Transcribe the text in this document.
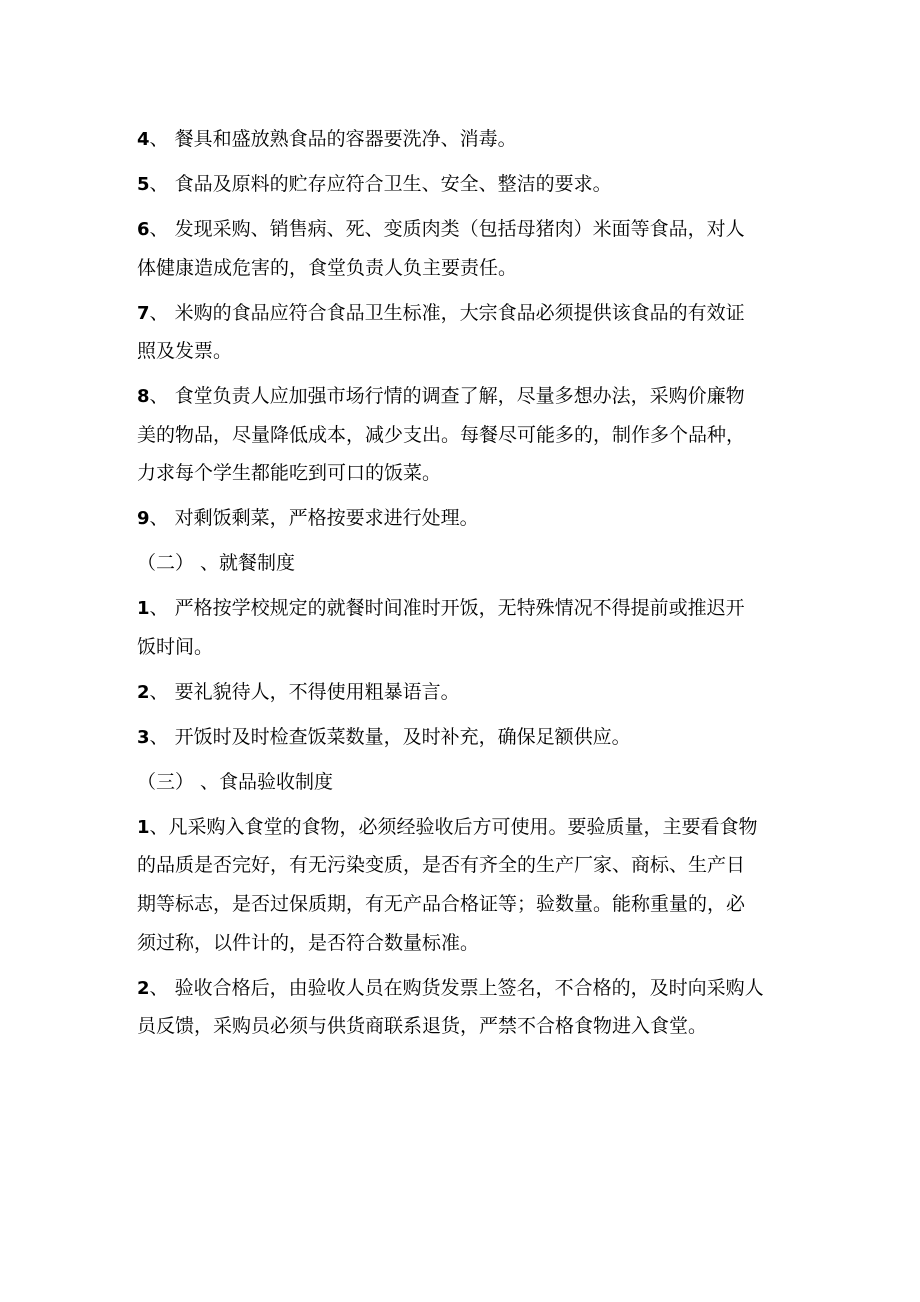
4、 餐具和盛放熟食品的容器要洗净、消毒。
5、 食品及原料的贮存应符合卫生、安全、整洁的要求。
6、 发现采购、销售病、死、变质肉类（包括母猪肉）米面等食品，对人
体健康造成危害的，食堂负责人负主要责任。
7、 米购的食品应符合食品卫生标准，大宗食品必须提供该食品的有效证
照及发票。
8、 食堂负责人应加强市场行情的调查了解，尽量多想办法，采购价廉物
美的物品，尽量降低成本，减少支出。每餐尽可能多的，制作多个品种，
力求每个学生都能吃到可口的饭菜。
9、 对剩饭剩菜，严格按要求进行处理。
（二） 、就餐制度
1、 严格按学校规定的就餐时间准时开饭，无特殊情况不得提前或推迟开
饭时间。
2、 要礼貌待人，不得使用粗暴语言。
3、 开饭时及时检查饭菜数量，及时补充，确保足额供应。
（三） 、食品验收制度
1、凡采购入食堂的食物，必须经验收后方可使用。要验质量，主要看食物
的品质是否完好，有无污染变质，是否有齐全的生产厂家、商标、生产日
期等标志，是否过保质期，有无产品合格证等；验数量。能称重量的，必
须过称，以件计的，是否符合数量标准。
2、 验收合格后，由验收人员在购货发票上签名，不合格的，及时向采购人
员反馈，采购员必须与供货商联系退货，严禁不合格食物进入食堂。
